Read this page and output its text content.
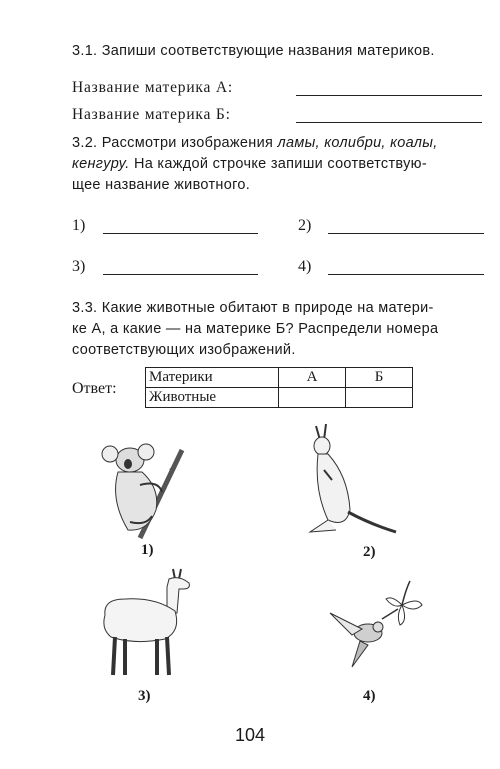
3.1. Запиши соответствующие названия материков.
Название материка А:
Название материка Б:
3.2. Рассмотри изображения ламы, колибри, коалы,
кенгуру. На каждой строчке запиши соответствую-
щее название животного.
1)	2)
3)	4)
3.3. Какие животные обитают в природе на матери-
ке А, а какие — на материке Б? Распредели номера
соответствующих изображений.
Ответ:
Материки	А	Б
Животные		
1)	2)
3)	4)
104
